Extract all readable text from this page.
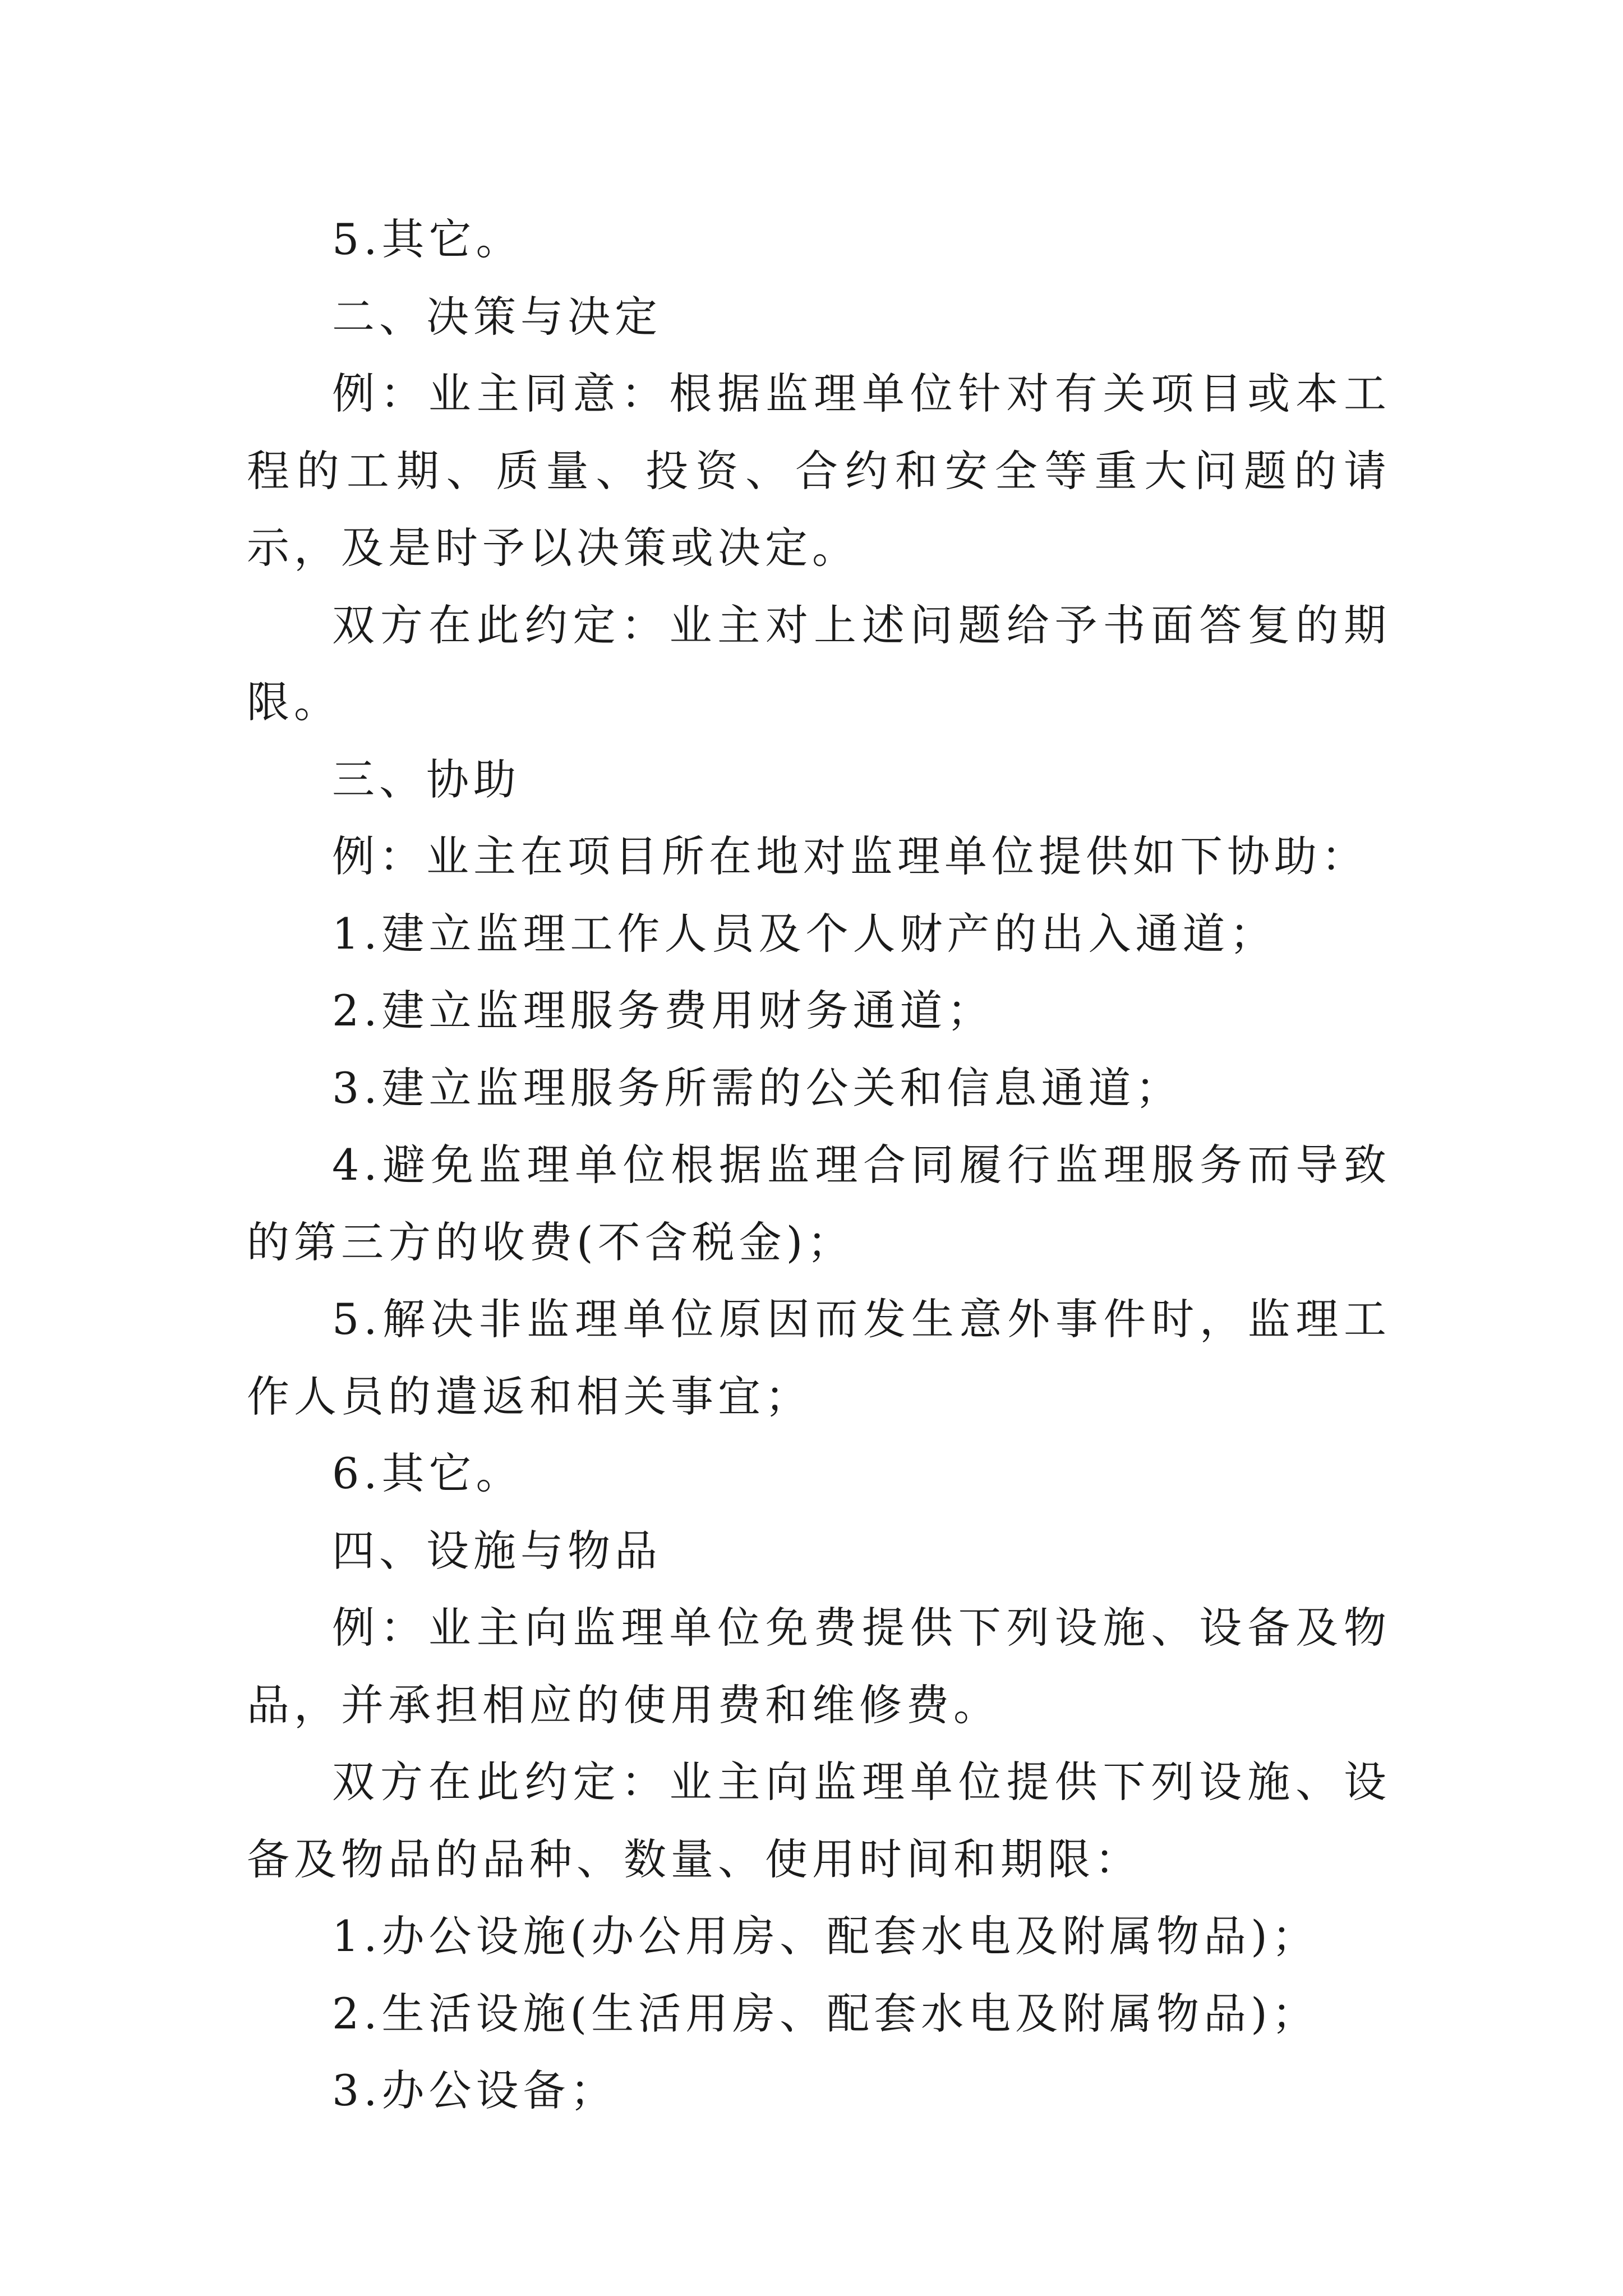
5.其它。

二、决策与决定

例：业主同意：根据监理单位针对有关项目或本工程的工期、质量、投资、合约和安全等重大问题的请示，及是时予以决策或决定。

双方在此约定：业主对上述问题给予书面答复的期限。

三、协助

例：业主在项目所在地对监理单位提供如下协助：

1.建立监理工作人员及个人财产的出入通道；

2.建立监理服务费用财务通道；

3.建立监理服务所需的公关和信息通道；

4.避免监理单位根据监理合同履行监理服务而导致的第三方的收费(不含税金)；

5.解决非监理单位原因而发生意外事件时，监理工作人员的遣返和相关事宜；

6.其它。

四、设施与物品

例：业主向监理单位免费提供下列设施、设备及物品，并承担相应的使用费和维修费。

双方在此约定：业主向监理单位提供下列设施、设备及物品的品种、数量、使用时间和期限：

1.办公设施(办公用房、配套水电及附属物品)；

2.生活设施(生活用房、配套水电及附属物品)；

3.办公设备；
